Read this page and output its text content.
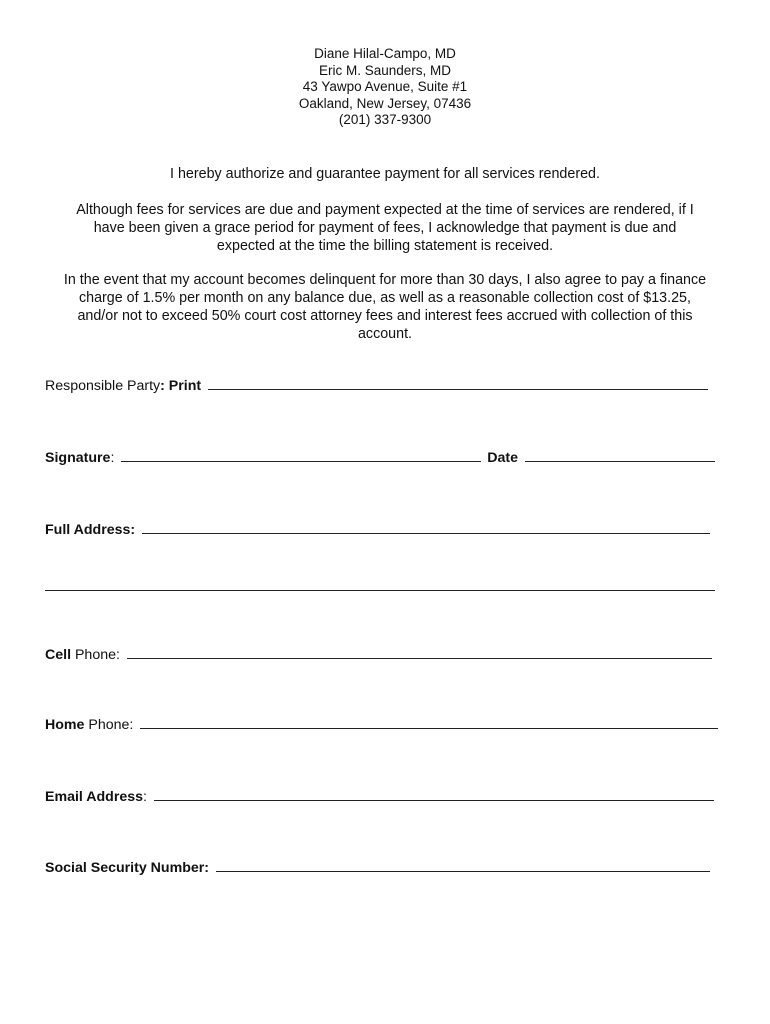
Diane Hilal-Campo, MD
Eric M. Saunders, MD
43 Yawpo Avenue, Suite #1
Oakland, New Jersey, 07436
(201) 337-9300
I hereby authorize and guarantee payment for all services rendered.
Although fees for services are due and payment expected at the time of services are rendered, if I
have been given a grace period for payment of fees, I acknowledge that payment is due and
expected at the time the billing statement is received.
In the event that my account becomes delinquent for more than 30 days, I also agree to pay a finance
charge of 1.5% per month on any balance due, as well as a reasonable collection cost of $13.25,
and/or not to exceed 50% court cost attorney fees and interest fees accrued with collection of this
account.
Responsible Party: Print
Signature:	Date
Full Address:
Cell Phone:
Home Phone:
Email Address:
Social Security Number:
